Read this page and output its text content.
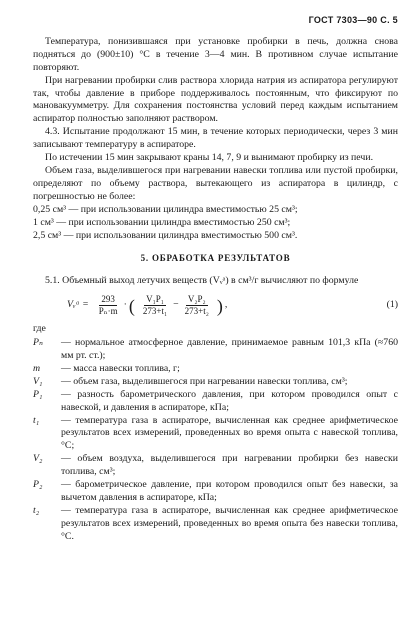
ГОСТ 7303—90 С. 5

Температура, понизившаяся при установке пробирки в печь, должна снова подняться до (900±10) °С в течение 3—4 мин. В противном случае испытание повторяют.

При нагревании пробирки слив раствора хлорида натрия из аспиратора регулируют так, чтобы давление в приборе поддерживалось постоянным, что фиксируют по мановакуумметру. Для сохранения постоянства условий перед каждым испытанием аспиратор полностью заполняют раствором.

4.3. Испытание продолжают 15 мин, в течение которых периодически, через 3 мин записывают температуру в аспираторе.

По истечении 15 мин закрывают краны 14, 7, 9 и вынимают пробирку из печи.

Объем газа, выделившегося при нагревании навески топлива или пустой пробирки, определяют по объему раствора, вытекающего из аспиратора в цилиндр, с погрешностью не более:

0,25 см³ — при использовании цилиндра вместимостью 25 см³;

1 см³ — при использовании цилиндра вместимостью 250 см³;

2,5 см³ — при использовании цилиндра вместимостью 500 см³.

5. ОБРАБОТКА РЕЗУЛЬТАТОВ

5.1. Объемный выход летучих веществ (Vᵥᵃ) в см³/г вычисляют по формуле

Vᵥᵃ = $\frac{293}{\text{Pₙ·m}}$ · ( $\frac{\text{V₁P₁}}{\text{273+t₁}} - \frac{\text{V₂P₂}}{\text{273+t₂}}$ ) ,	(1)

где

Pₙ	— нормальное атмосферное давление, принимаемое равным 101,3 кПа (≈760 мм рт. ст.);
m	— масса навески топлива, г;
V₁	— объем газа, выделившегося при нагревании навески топлива, см³;
P₁	— разность барометрического давления, при котором проводился опыт с навеской, и давления в аспираторе, кПа;
t₁	— температура газа в аспираторе, вычисленная как среднее арифметическое результатов всех измерений, проведенных во время опыта с навеской топлива, °С;
V₂	— объем воздуха, выделившегося при нагревании пробирки без навески топлива, см³;
P₂	— барометрическое давление, при котором проводился опыт без навески, за вычетом давления в аспираторе, кПа;
t₂	— температура газа в аспираторе, вычисленная как среднее арифметическое результатов всех измерений, проведенных во время опыта без навески топлива, °С.
